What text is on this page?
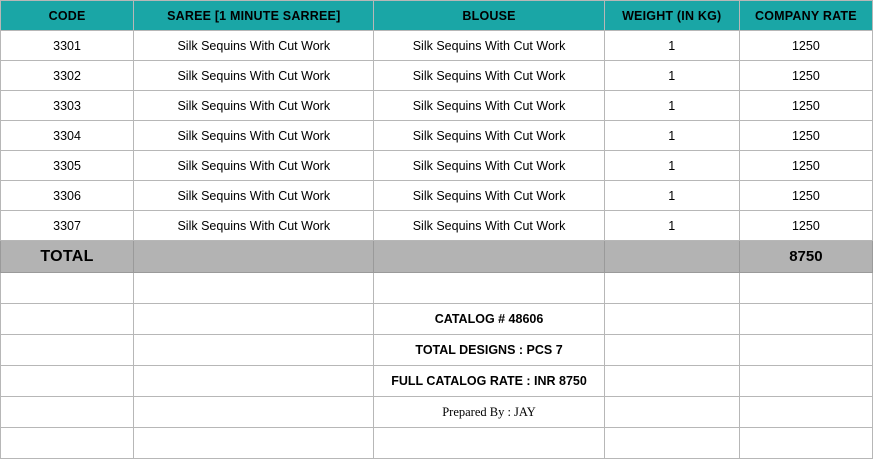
CODE	SAREE [1 MINUTE SARREE]	BLOUSE	WEIGHT (IN KG)	COMPANY RATE
3301	Silk Sequins With Cut Work	Silk Sequins With Cut Work	1	1250
3302	Silk Sequins With Cut Work	Silk Sequins With Cut Work	1	1250
3303	Silk Sequins With Cut Work	Silk Sequins With Cut Work	1	1250
3304	Silk Sequins With Cut Work	Silk Sequins With Cut Work	1	1250
3305	Silk Sequins With Cut Work	Silk Sequins With Cut Work	1	1250
3306	Silk Sequins With Cut Work	Silk Sequins With Cut Work	1	1250
3307	Silk Sequins With Cut Work	Silk Sequins With Cut Work	1	1250
TOTAL				8750

		CATALOG # 48606		
		TOTAL DESIGNS : PCS 7		
		FULL CATALOG RATE : INR 8750		
		Prepared By : JAY		
